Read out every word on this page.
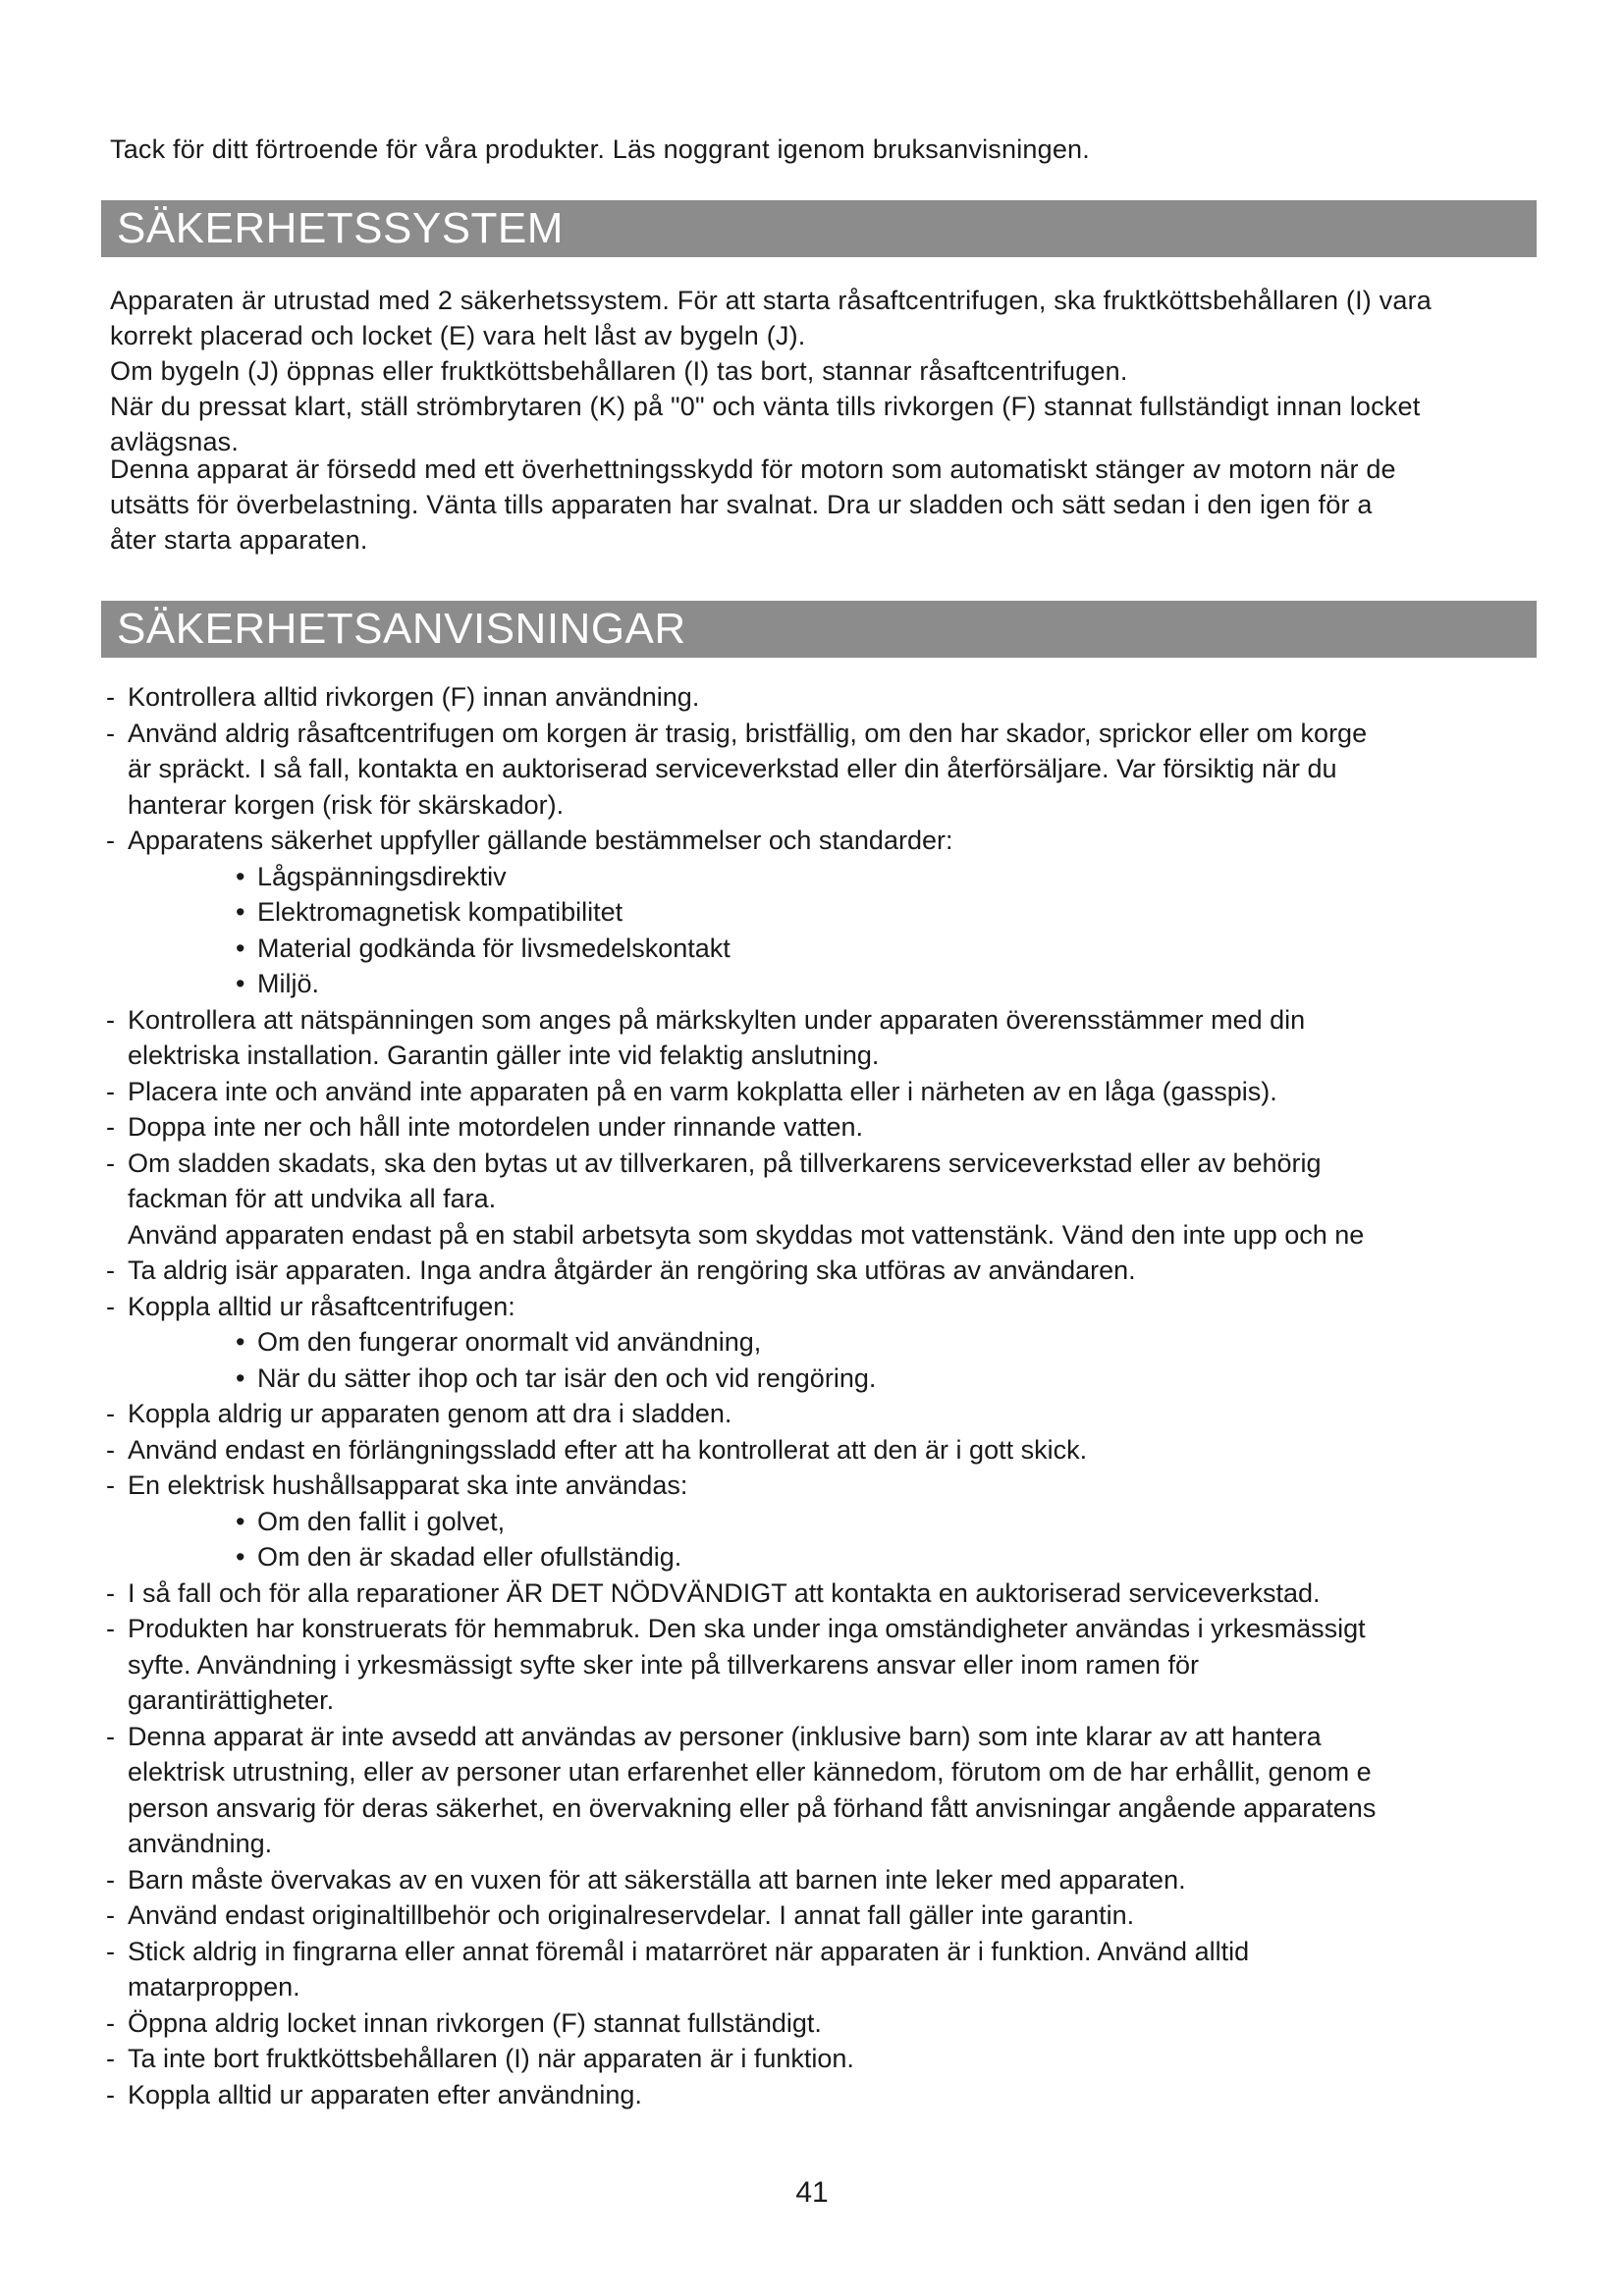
Tack för ditt förtroende för våra produkter. Läs noggrant igenom bruksanvisningen.
SÄKERHETSSYSTEM
Apparaten är utrustad med 2 säkerhetssystem. För att starta råsaftcentrifugen, ska fruktköttsbehållaren (I) vara
korrekt placerad och locket (E) vara helt låst av bygeln (J).
Om bygeln (J) öppnas eller fruktköttsbehållaren (I) tas bort, stannar råsaftcentrifugen.
När du pressat klart, ställ strömbrytaren (K) på "0" och vänta tills rivkorgen (F) stannat fullständigt innan locket
avlägsnas.
Denna apparat är försedd med ett överhettningsskydd för motorn som automatiskt stänger av motorn när de
utsätts för överbelastning. Vänta tills apparaten har svalnat. Dra ur sladden och sätt sedan i den igen för a
åter starta apparaten.
SÄKERHETSANVISNINGAR
- Kontrollera alltid rivkorgen (F) innan användning.
- Använd aldrig råsaftcentrifugen om korgen är trasig, bristfällig, om den har skador, sprickor eller om korge
är spräckt. I så fall, kontakta en auktoriserad serviceverkstad eller din återförsäljare. Var försiktig när du
hanterar korgen (risk för skärskador).
- Apparatens säkerhet uppfyller gällande bestämmelser och standarder:
• Lågspänningsdirektiv
• Elektromagnetisk kompatibilitet
• Material godkända för livsmedelskontakt
• Miljö.
- Kontrollera att nätspänningen som anges på märkskylten under apparaten överensstämmer med din
elektriska installation. Garantin gäller inte vid felaktig anslutning.
- Placera inte och använd inte apparaten på en varm kokplatta eller i närheten av en låga (gasspis).
- Doppa inte ner och håll inte motordelen under rinnande vatten.
- Om sladden skadats, ska den bytas ut av tillverkaren, på tillverkarens serviceverkstad eller av behörig
fackman för att undvika all fara.
Använd apparaten endast på en stabil arbetsyta som skyddas mot vattenstänk. Vänd den inte upp och ne
- Ta aldrig isär apparaten. Inga andra åtgärder än rengöring ska utföras av användaren.
- Koppla alltid ur råsaftcentrifugen:
• Om den fungerar onormalt vid användning,
• När du sätter ihop och tar isär den och vid rengöring.
- Koppla aldrig ur apparaten genom att dra i sladden.
- Använd endast en förlängningssladd efter att ha kontrollerat att den är i gott skick.
- En elektrisk hushållsapparat ska inte användas:
• Om den fallit i golvet,
• Om den är skadad eller ofullständig.
- I så fall och för alla reparationer ÄR DET NÖDVÄNDIGT att kontakta en auktoriserad serviceverkstad.
- Produkten har konstruerats för hemmabruk. Den ska under inga omständigheter användas i yrkesmässigt
syfte. Användning i yrkesmässigt syfte sker inte på tillverkarens ansvar eller inom ramen för
garantirättigheter.
- Denna apparat är inte avsedd att användas av personer (inklusive barn) som inte klarar av att hantera
elektrisk utrustning, eller av personer utan erfarenhet eller kännedom, förutom om de har erhållit, genom e
person ansvarig för deras säkerhet, en övervakning eller på förhand fått anvisningar angående apparatens
användning.
- Barn måste övervakas av en vuxen för att säkerställa att barnen inte leker med apparaten.
- Använd endast originaltillbehör och originalreservdelar. I annat fall gäller inte garantin.
- Stick aldrig in fingrarna eller annat föremål i matarröret när apparaten är i funktion. Använd alltid
matarproppen.
- Öppna aldrig locket innan rivkorgen (F) stannat fullständigt.
- Ta inte bort fruktköttsbehållaren (I) när apparaten är i funktion.
- Koppla alltid ur apparaten efter användning.
41
